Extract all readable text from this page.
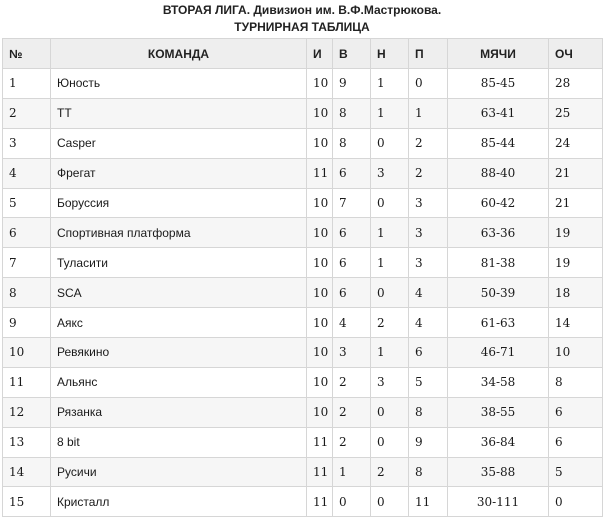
ВТОРАЯ ЛИГА. Дивизион им. В.Ф.Мастрюкова.
ТУРНИРНАЯ ТАБЛИЦА
№	КОМАНДА	И	В	Н	П	МЯЧИ	ОЧ
1	Юность	10	9	1	0	85-45	28
2	ТТ	10	8	1	1	63-41	25
3	Casper	10	8	0	2	85-44	24
4	Фрегат	11	6	3	2	88-40	21
5	Боруссия	10	7	0	3	60-42	21
6	Спортивная платформа	10	6	1	3	63-36	19
7	Туласити	10	6	1	3	81-38	19
8	SCA	10	6	0	4	50-39	18
9	Аякс	10	4	2	4	61-63	14
10	Ревякино	10	3	1	6	46-71	10
11	Альянс	10	2	3	5	34-58	8
12	Рязанка	10	2	0	8	38-55	6
13	8 bit	11	2	0	9	36-84	6
14	Русичи	11	1	2	8	35-88	5
15	Кристалл	11	0	0	11	30-111	0
